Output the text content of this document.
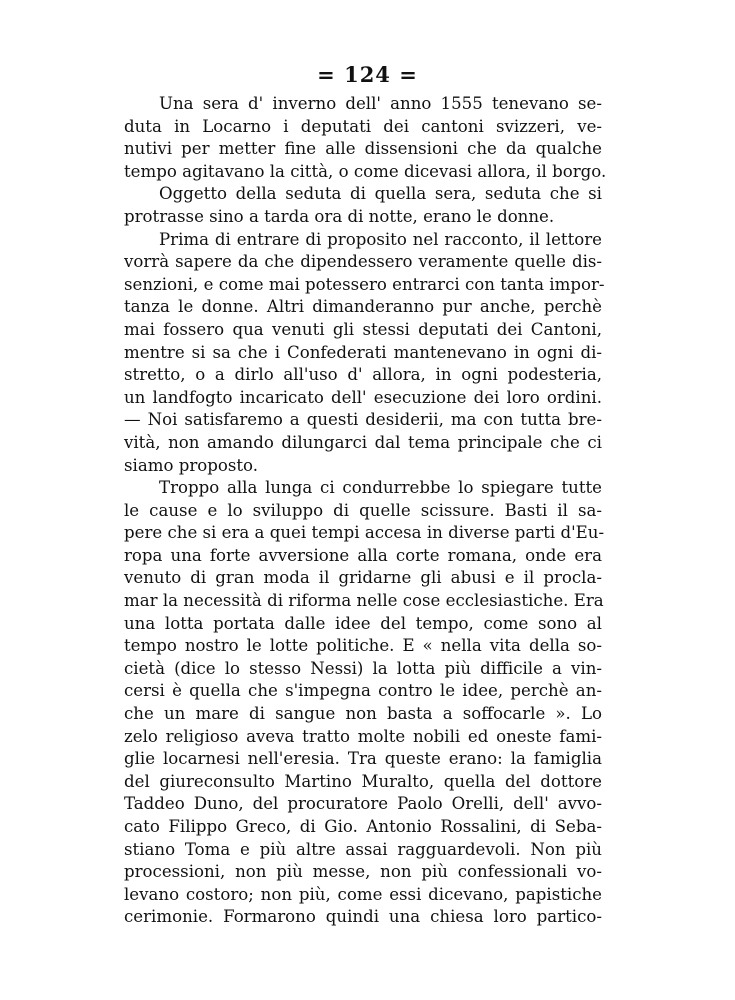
= 124 =
Una sera d' inverno dell' anno 1555 tenevano se-
duta in Locarno i deputati dei cantoni svizzeri, ve-
nutivi per metter fine alle dissensioni che da qualche
tempo agitavano la città, o come dicevasi allora, il borgo.
Oggetto della seduta di quella sera, seduta che si
protrasse sino a tarda ora di notte, erano le donne.
Prima di entrare di proposito nel racconto, il lettore
vorrà sapere da che dipendessero veramente quelle dis-
senzioni, e come mai potessero entrarci con tanta impor-
tanza le donne. Altri dimanderanno pur anche, perchè
mai fossero qua venuti gli stessi deputati dei Cantoni,
mentre si sa che i Confederati mantenevano in ogni di-
stretto, o a dirlo all'uso d' allora, in ogni podesteria,
un landfogto incaricato dell' esecuzione dei loro ordini.
— Noi satisfaremo a questi desiderii, ma con tutta bre-
vità, non amando dilungarci dal tema principale che ci
siamo proposto.
Troppo alla lunga ci condurrebbe lo spiegare tutte
le cause e lo sviluppo di quelle scissure. Basti il sa-
pere che si era a quei tempi accesa in diverse parti d'Eu-
ropa una forte avversione alla corte romana, onde era
venuto di gran moda il gridarne gli abusi e il procla-
mar la necessità di riforma nelle cose ecclesiastiche. Era
una lotta portata dalle idee del tempo, come sono al
tempo nostro le lotte politiche. E « nella vita della so-
cietà (dice lo stesso Nessi) la lotta più difficile a vin-
cersi è quella che s'impegna contro le idee, perchè an-
che un mare di sangue non basta a soffocarle ». Lo
zelo religioso aveva tratto molte nobili ed oneste fami-
glie locarnesi nell'eresia. Tra queste erano: la famiglia
del giureconsulto Martino Muralto, quella del dottore
Taddeo Duno, del procuratore Paolo Orelli, dell' avvo-
cato Filippo Greco, di Gio. Antonio Rossalini, di Seba-
stiano Toma e più altre assai ragguardevoli. Non più
processioni, non più messe, non più confessionali vo-
levano costoro; non più, come essi dicevano, papistiche
cerimonie. Formarono quindi una chiesa loro partico-
